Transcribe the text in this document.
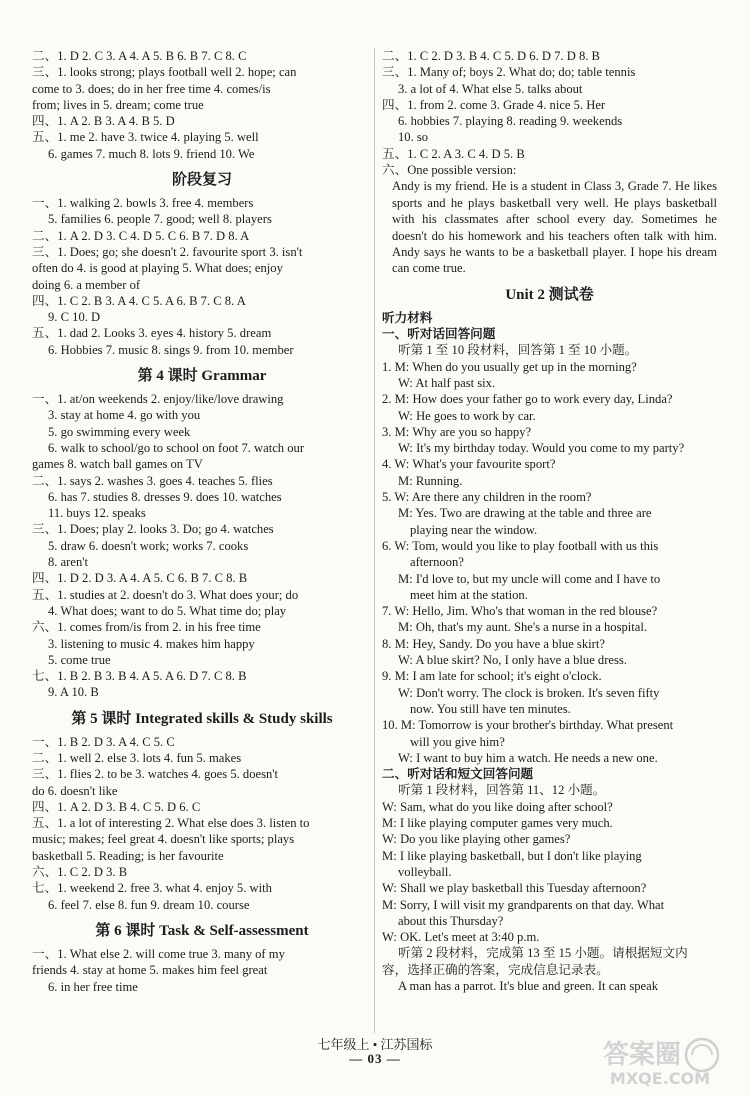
二、1. D 2. C 3. A 4. A 5. B 6. B 7. C 8. C
三、1. looks strong; plays football well 2. hope; can
come to 3. does; do in her free time 4. comes/is
from; lives in 5. dream; come true
四、1. A 2. B 3. A 4. B 5. D
五、1. me 2. have 3. twice 4. playing 5. well
6. games 7. much 8. lots 9. friend 10. We
阶段复习
一、1. walking 2. bowls 3. free 4. members
5. families 6. people 7. good; well 8. players
二、1. A 2. D 3. C 4. D 5. C 6. B 7. D 8. A
三、1. Does; go; she doesn't 2. favourite sport 3. isn't
often do 4. is good at playing 5. What does; enjoy
doing 6. a member of
四、1. C 2. B 3. A 4. C 5. A 6. B 7. C 8. A
9. C 10. D
五、1. dad 2. Looks 3. eyes 4. history 5. dream
6. Hobbies 7. music 8. sings 9. from 10. member
第 4 课时 Grammar
一、1. at/on weekends 2. enjoy/like/love drawing
3. stay at home 4. go with you
5. go swimming every week
6. walk to school/go to school on foot 7. watch our
games 8. watch ball games on TV
二、1. says 2. washes 3. goes 4. teaches 5. flies
6. has 7. studies 8. dresses 9. does 10. watches
11. buys 12. speaks
三、1. Does; play 2. looks 3. Do; go 4. watches
5. draw 6. doesn't work; works 7. cooks
8. aren't
四、1. D 2. D 3. A 4. A 5. C 6. B 7. C 8. B
五、1. studies at 2. doesn't do 3. What does your; do
4. What does; want to do 5. What time do; play
六、1. comes from/is from 2. in his free time
3. listening to music 4. makes him happy
5. come true
七、1. B 2. B 3. B 4. A 5. A 6. D 7. C 8. B
9. A 10. B
第 5 课时 Integrated skills & Study skills
一、1. B 2. D 3. A 4. C 5. C
二、1. well 2. else 3. lots 4. fun 5. makes
三、1. flies 2. to be 3. watches 4. goes 5. doesn't
do 6. doesn't like
四、1. A 2. D 3. B 4. C 5. D 6. C
五、1. a lot of interesting 2. What else does 3. listen to
music; makes; feel great 4. doesn't like sports; plays
basketball 5. Reading; is her favourite
六、1. C 2. D 3. B
七、1. weekend 2. free 3. what 4. enjoy 5. with
6. feel 7. else 8. fun 9. dream 10. course
第 6 课时 Task & Self-assessment
一、1. What else 2. will come true 3. many of my
friends 4. stay at home 5. makes him feel great
6. in her free time
二、1. C 2. D 3. B 4. C 5. D 6. D 7. D 8. B
三、1. Many of; boys 2. What do; do; table tennis
3. a lot of 4. What else 5. talks about
四、1. from 2. come 3. Grade 4. nice 5. Her
6. hobbies 7. playing 8. reading 9. weekends
10. so
五、1. C 2. A 3. C 4. D 5. B
六、One possible version:
Andy is my friend. He is a student in Class 3, Grade 7. He likes sports and he plays basketball very well. He plays basketball with his classmates after school every day. Sometimes he doesn't do his homework and his teachers often talk with him. Andy says he wants to be a basketball player. I hope his dream can come true.
Unit 2 测试卷
听力材料
一、听对话回答问题
听第 1 至 10 段材料，回答第 1 至 10 小题。
1. M: When do you usually get up in the morning?
W: At half past six.
2. M: How does your father go to work every day, Linda?
W: He goes to work by car.
3. M: Why are you so happy?
W: It's my birthday today. Would you come to my party?
4. W: What's your favourite sport?
M: Running.
5. W: Are there any children in the room?
M: Yes. Two are drawing at the table and three are
playing near the window.
6. W: Tom, would you like to play football with us this
afternoon?
M: I'd love to, but my uncle will come and I have to
meet him at the station.
7. W: Hello, Jim. Who's that woman in the red blouse?
M: Oh, that's my aunt. She's a nurse in a hospital.
8. M: Hey, Sandy. Do you have a blue skirt?
W: A blue skirt? No, I only have a blue dress.
9. M: I am late for school; it's eight o'clock.
W: Don't worry. The clock is broken. It's seven fifty
now. You still have ten minutes.
10. M: Tomorrow is your brother's birthday. What present
will you give him?
W: I want to buy him a watch. He needs a new one.
二、听对话和短文回答问题
听第 1 段材料，回答第 11、12 小题。
W: Sam, what do you like doing after school?
M: I like playing computer games very much.
W: Do you like playing other games?
M: I like playing basketball, but I don't like playing
volleyball.
W: Shall we play basketball this Tuesday afternoon?
M: Sorry, I will visit my grandparents on that day. What
about this Thursday?
W: OK. Let's meet at 3:40 p.m.
听第 2 段材料，完成第 13 至 15 小题。请根据短文内
容，选择正确的答案，完成信息记录表。
A man has a parrot. It's blue and green. It can speak
七年级上 • 江苏国标
— 03 —	答案圈
MXQE.COM
